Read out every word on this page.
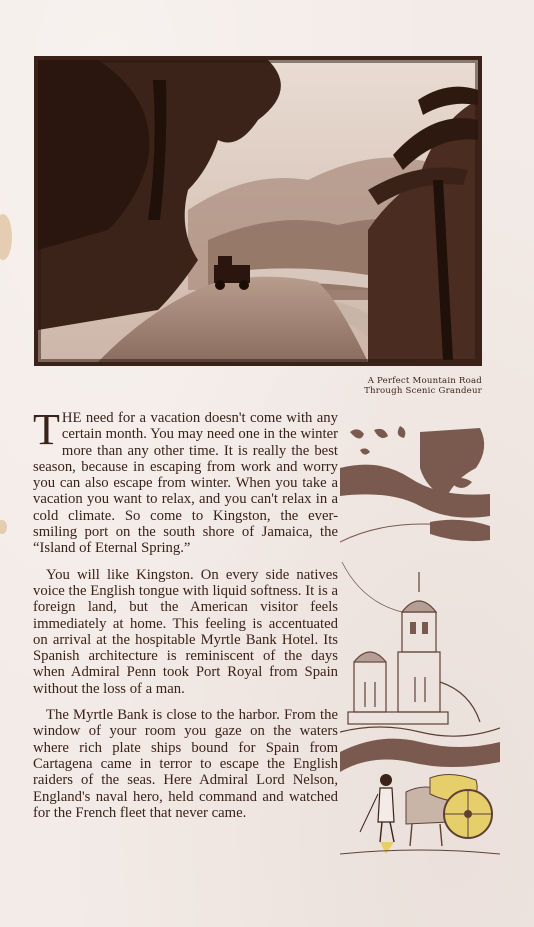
A Perfect Mountain Road
Through Scenic Grandeur

THE need for a vacation doesn't come with any certain month. You may need one in the winter more than any other time. It is really the best season, because in escaping from work and worry you can also escape from winter. When you take a vacation you want to relax, and you can't relax in a cold climate. So come to Kingston, the ever-smiling port on the south shore of Jamaica, the “Island of Eternal Spring.”

You will like Kingston. On every side natives voice the English tongue with liquid softness. It is a foreign land, but the American visitor feels immediately at home. This feeling is accentuated on arrival at the hospitable Myrtle Bank Hotel. Its Spanish architecture is reminiscent of the days when Admiral Penn took Port Royal from Spain without the loss of a man.

The Myrtle Bank is close to the harbor. From the window of your room you gaze on the waters where rich plate ships bound for Spain from Cartagena came in terror to escape the English raiders of the seas. Here Admiral Lord Nelson, England's naval hero, held command and watched for the French fleet that never came.
